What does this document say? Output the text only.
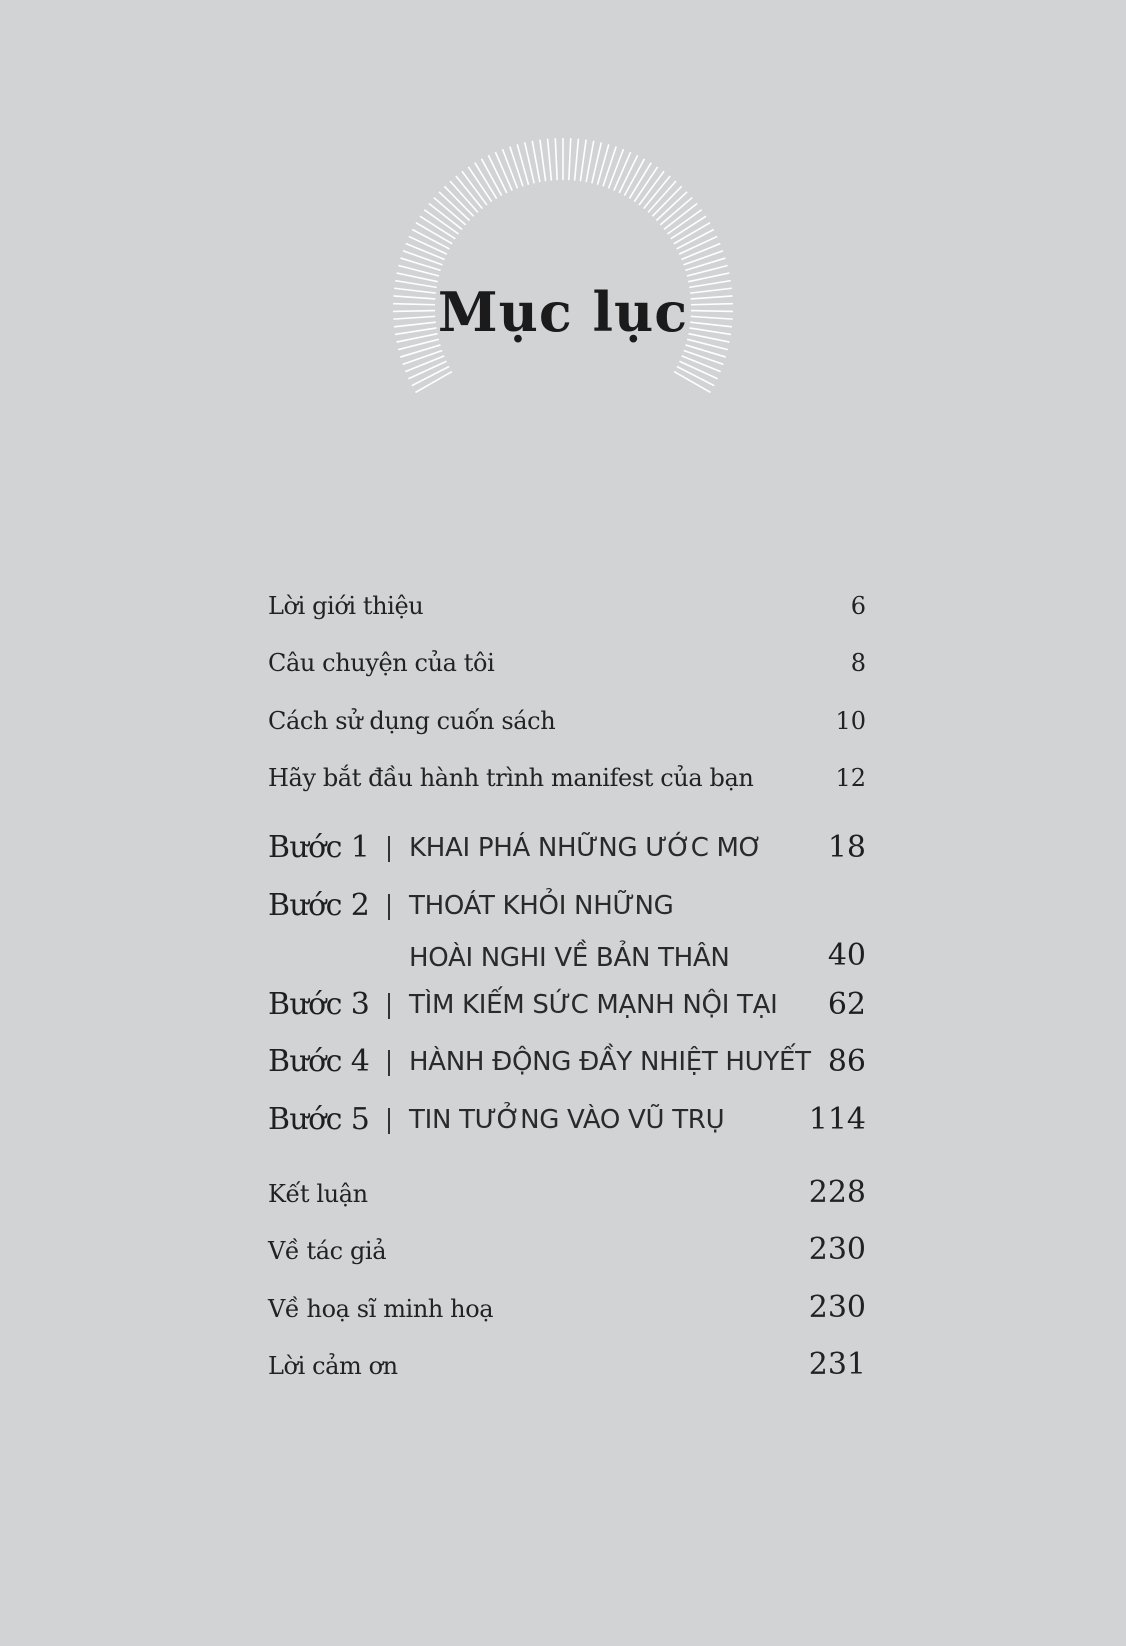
Mục lục
Lời giới thiệu	6
Câu chuyện của tôi	8
Cách sử dụng cuốn sách	10
Hãy bắt đầu hành trình manifest của bạn	12
Bước 1 KHAI PHÁ NHỮNG ƯỚC MƠ 18
Bước 2 THOÁT KHỎI NHỮNG
HOÀI NGHI VỀ BẢN THÂN	40
Bước 3 TÌM KIẾM SỨC MẠNH NỘI TẠI 62
Bước 4 HÀNH ĐỘNG ĐẦY NHIỆT HUYẾT 86
Bước 5 TIN TƯỞNG VÀO VŨ TRỤ	114
Kết luận	228
Về tác giả	230
Về hoạ sĩ minh hoạ	230
Lời cảm ơn	231
